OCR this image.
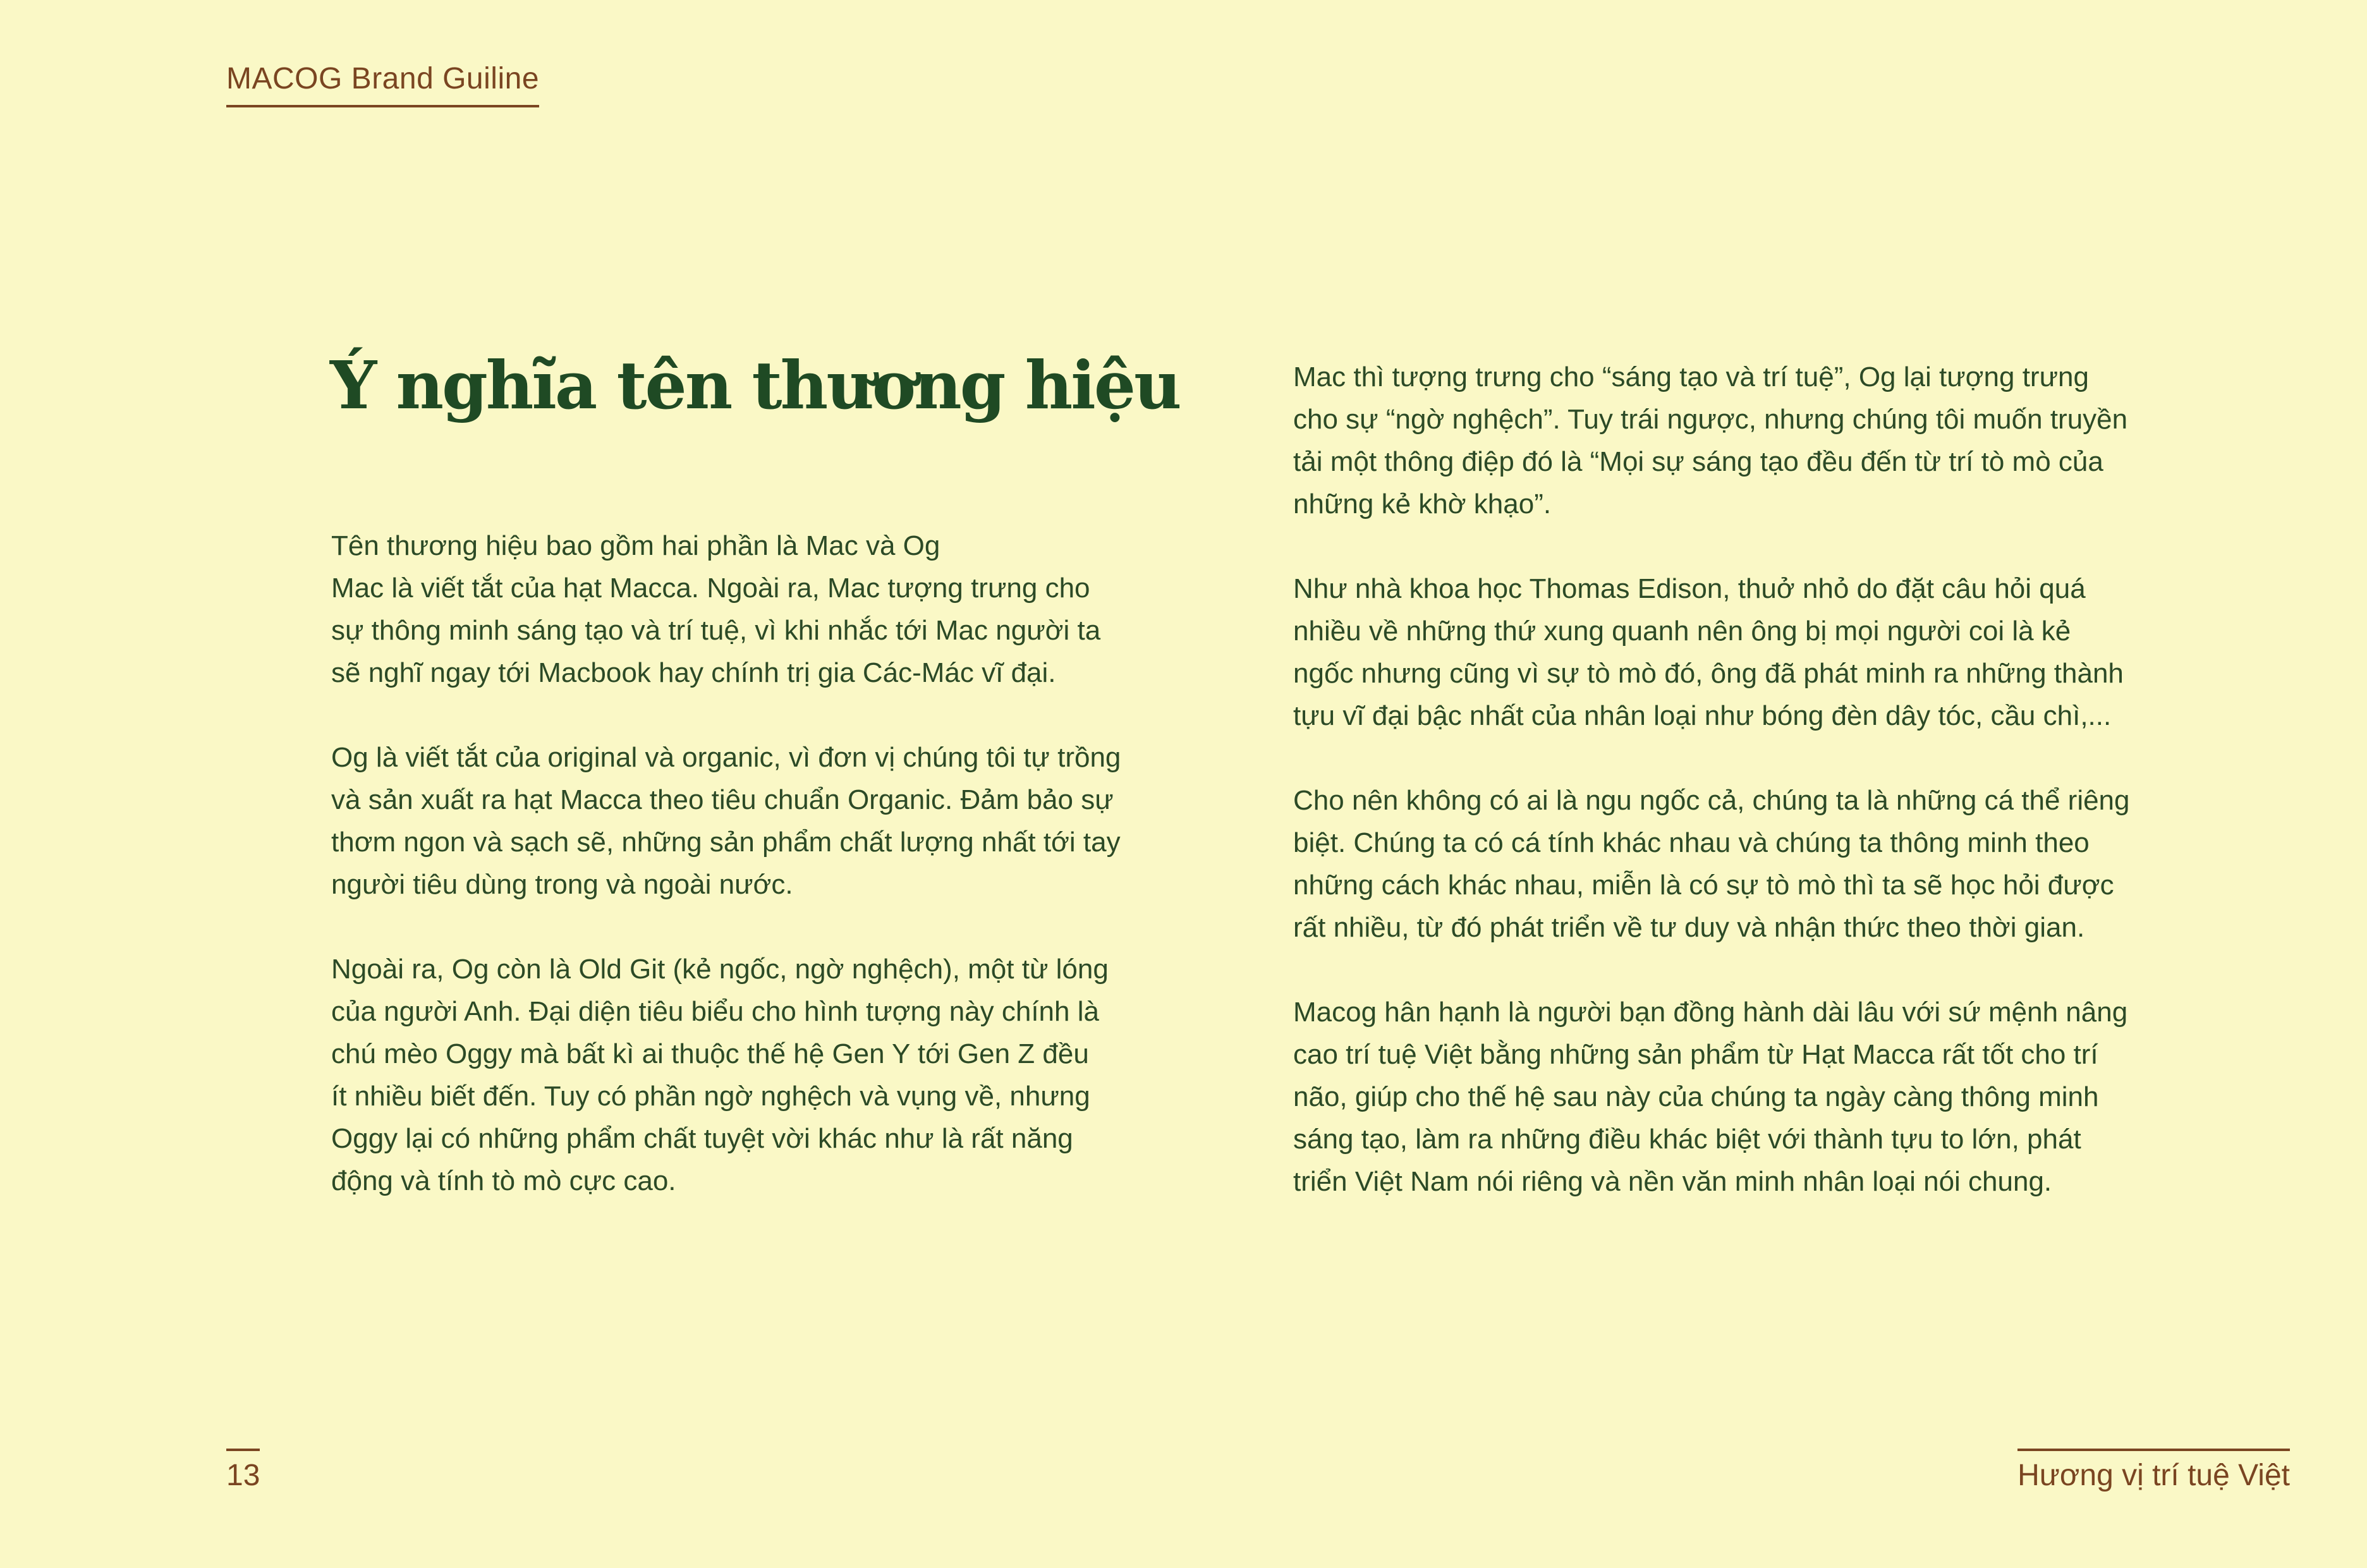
MACOG Brand Guiline
Ý nghĩa tên thương hiệu

Tên thương hiệu bao gồm hai phần là Mac và Og
Mac là viết tắt của hạt Macca. Ngoài ra, Mac tượng trưng cho
sự thông minh sáng tạo và trí tuệ, vì khi nhắc tới Mac người ta
sẽ nghĩ ngay tới Macbook hay chính trị gia Các-Mác vĩ đại.

Og là viết tắt của original và organic, vì đơn vị chúng tôi tự trồng
và sản xuất ra hạt Macca theo tiêu chuẩn Organic. Đảm bảo sự
thơm ngon và sạch sẽ, những sản phẩm chất lượng nhất tới tay
người tiêu dùng trong và ngoài nước.

Ngoài ra, Og còn là Old Git (kẻ ngốc, ngờ nghệch), một từ lóng
của người Anh. Đại diện tiêu biểu cho hình tượng này chính là
chú mèo Oggy mà bất kì ai thuộc thế hệ Gen Y tới Gen Z đều
ít nhiều biết đến. Tuy có phần ngờ nghệch và vụng về, nhưng
Oggy lại có những phẩm chất tuyệt vời khác như là rất năng
động và tính tò mò cực cao.

Mac thì tượng trưng cho “sáng tạo và trí tuệ”, Og lại tượng trưng
cho sự “ngờ nghệch”. Tuy trái ngược, nhưng chúng tôi muốn truyền
tải một thông điệp đó là “Mọi sự sáng tạo đều đến từ trí tò mò của
những kẻ khờ khạo”.

Như nhà khoa học Thomas Edison, thuở nhỏ do đặt câu hỏi quá
nhiều về những thứ xung quanh nên ông bị mọi người coi là kẻ
ngốc nhưng cũng vì sự tò mò đó, ông đã phát minh ra những thành
tựu vĩ đại bậc nhất của nhân loại như bóng đèn dây tóc, cầu chì,...

Cho nên không có ai là ngu ngốc cả, chúng ta là những cá thể riêng
biệt. Chúng ta có cá tính khác nhau và chúng ta thông minh theo
những cách khác nhau, miễn là có sự tò mò thì ta sẽ học hỏi được
rất nhiều, từ đó phát triển về tư duy và nhận thức theo thời gian.

Macog hân hạnh là người bạn đồng hành dài lâu với sứ mệnh nâng
cao trí tuệ Việt bằng những sản phẩm từ Hạt Macca rất tốt cho trí
não, giúp cho thế hệ sau này của chúng ta ngày càng thông minh
sáng tạo, làm ra những điều khác biệt với thành tựu to lớn, phát
triển Việt Nam nói riêng và nền văn minh nhân loại nói chung.

13	Hương vị trí tuệ Việt
